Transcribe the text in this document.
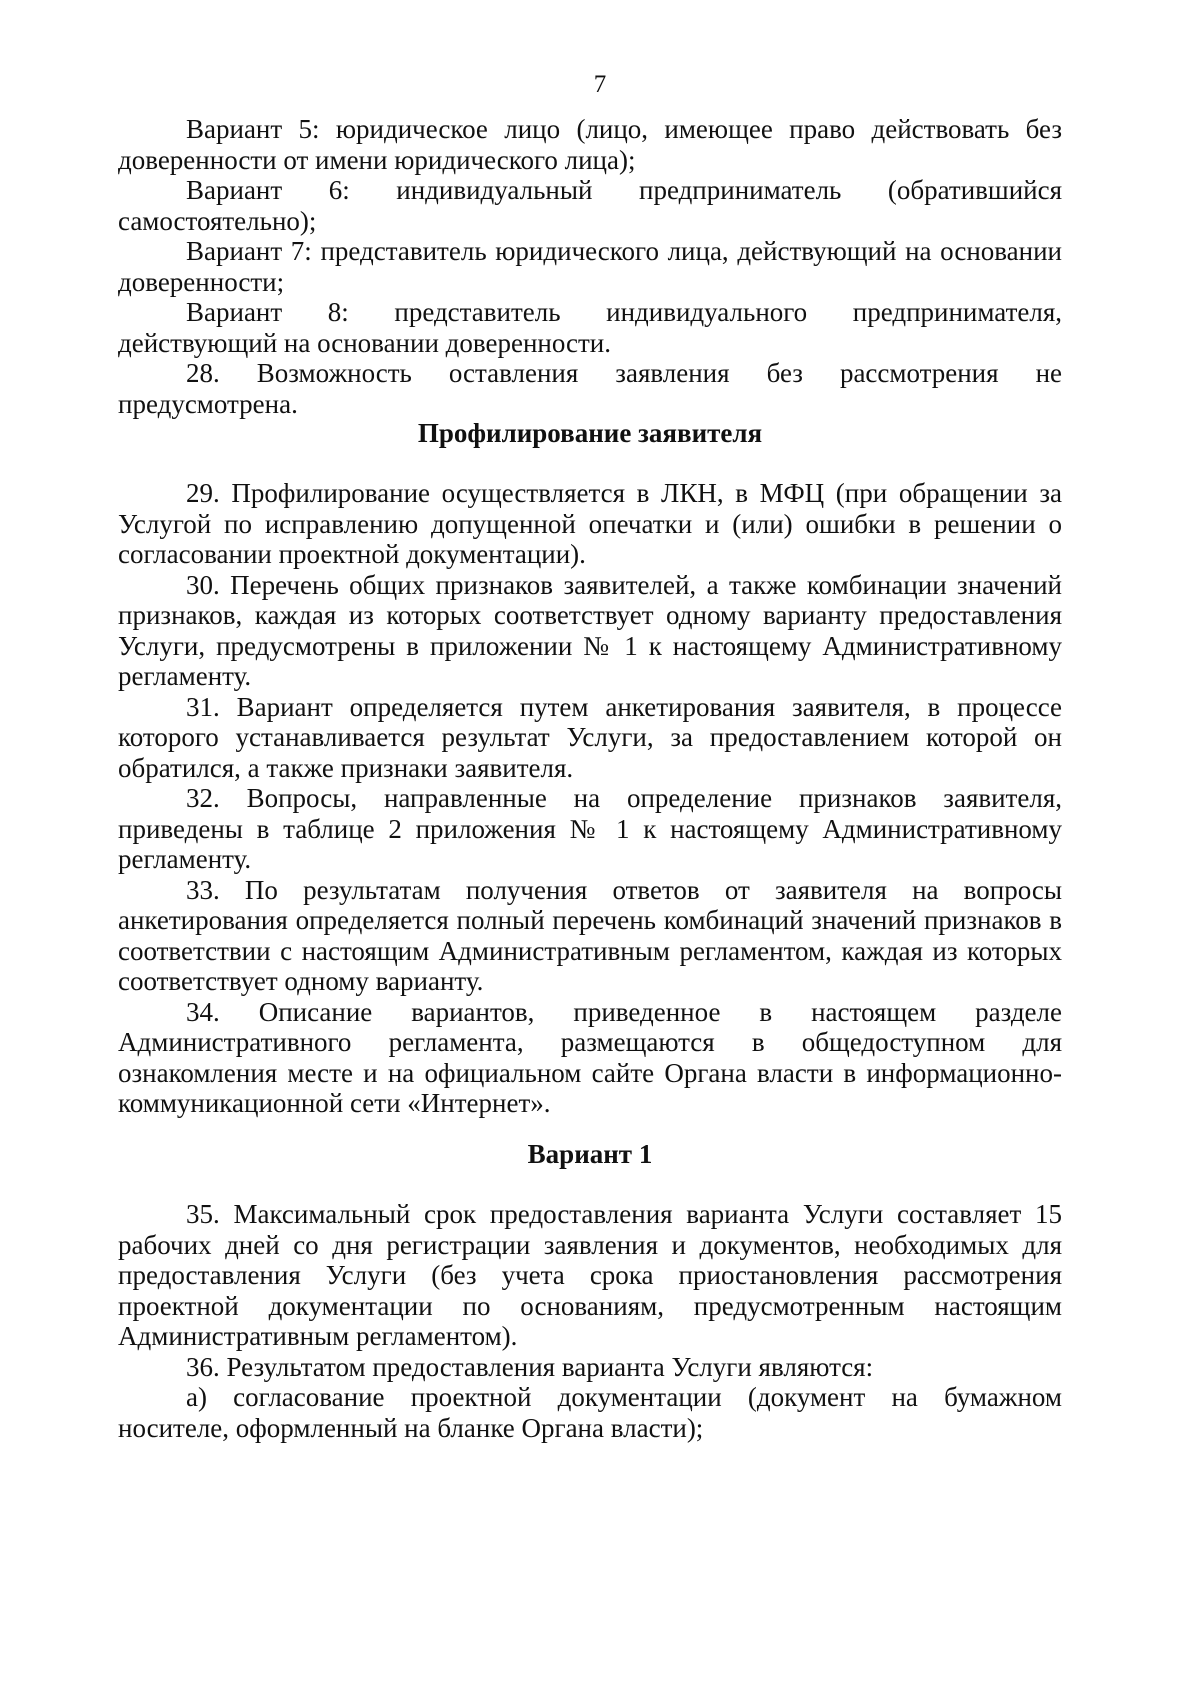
7

Вариант 5: юридическое лицо (лицо, имеющее право действовать без доверенности от имени юридического лица);

Вариант 6: индивидуальный предприниматель (обратившийся самостоятельно);

Вариант 7: представитель юридического лица, действующий на основании доверенности;

Вариант 8: представитель индивидуального предпринимателя, действующий на основании доверенности.

28. Возможность оставления заявления без рассмотрения не предусмотрена.

Профилирование заявителя

29. Профилирование осуществляется в ЛКН, в МФЦ (при обращении за Услугой по исправлению допущенной опечатки и (или) ошибки в решении о согласовании проектной документации).

30. Перечень общих признаков заявителей, а также комбинации значений признаков, каждая из которых соответствует одному варианту предоставления Услуги, предусмотрены в приложении № 1 к настоящему Административному регламенту.

31. Вариант определяется путем анкетирования заявителя, в процессе которого устанавливается результат Услуги, за предоставлением которой он обратился, а также признаки заявителя.

32. Вопросы, направленные на определение признаков заявителя, приведены в таблице 2 приложения № 1 к настоящему Административному регламенту.

33. По результатам получения ответов от заявителя на вопросы анкетирования определяется полный перечень комбинаций значений признаков в соответствии с настоящим Административным регламентом, каждая из которых соответствует одному варианту.

34. Описание вариантов, приведенное в настоящем разделе Административного регламента, размещаются в общедоступном для ознакомления месте и на официальном сайте Органа власти в информационно-коммуникационной сети «Интернет».

Вариант 1

35. Максимальный срок предоставления варианта Услуги составляет 15 рабочих дней со дня регистрации заявления и документов, необходимых для предоставления Услуги (без учета срока приостановления рассмотрения проектной документации по основаниям, предусмотренным настоящим Административным регламентом).

36. Результатом предоставления варианта Услуги являются:

а) согласование проектной документации (документ на бумажном носителе, оформленный на бланке Органа власти);
